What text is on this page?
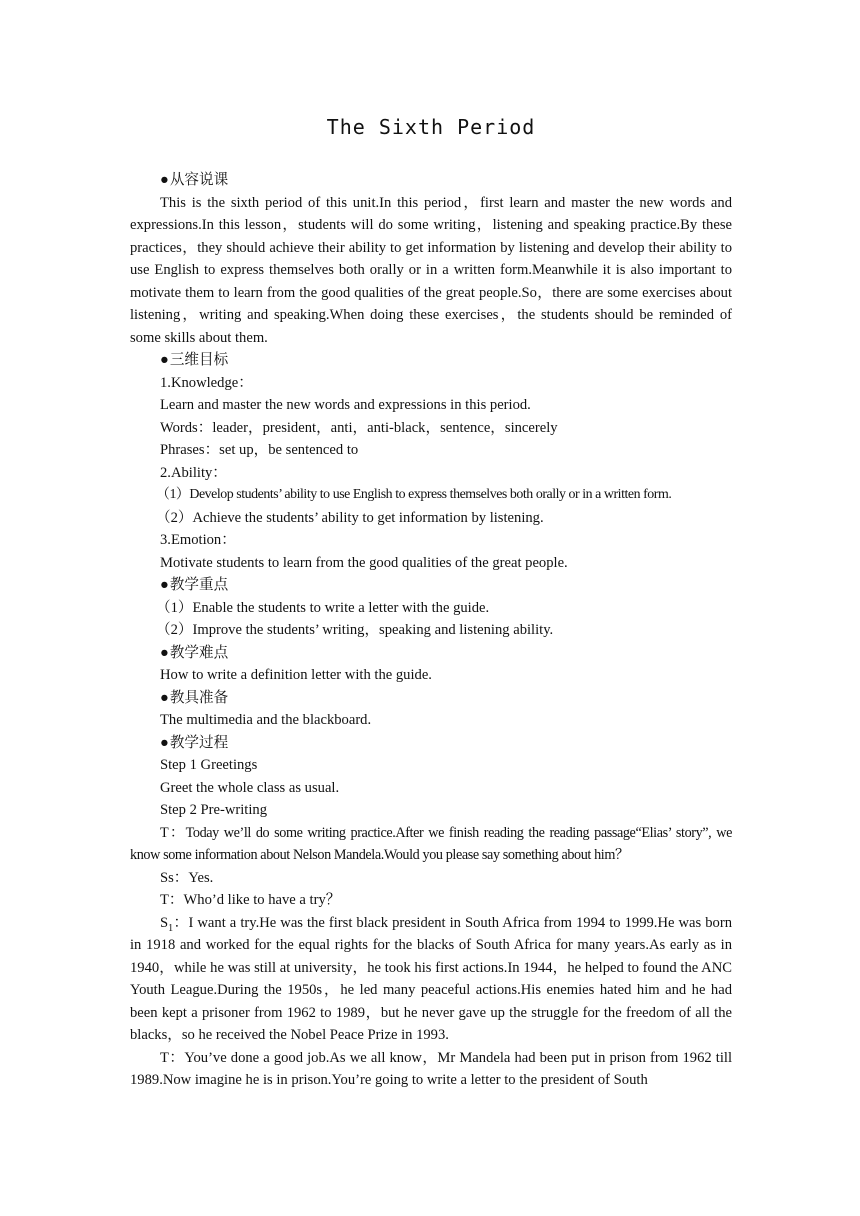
The Sixth Period

● 从容说课

This is the sixth period of this unit.In this period，first learn and master the new words and expressions.In this lesson，students will do some writing，listening and speaking practice.By these practices，they should achieve their ability to get information by listening and develop their ability to use English to express themselves both orally or in a written form.Meanwhile it is also important to motivate them to learn from the good qualities of the great people.So，there are some exercises about listening，writing and speaking.When doing these exercises，the students should be reminded of some skills about them.

● 三维目标

1.Knowledge：

Learn and master the new words and expressions in this period.

Words：leader，president，anti，anti-black，sentence，sincerely

Phrases：set up，be sentenced to

2.Ability：

（1）Develop students’ ability to use English to express themselves both orally or in a written form.

（2）Achieve the students’ ability to get information by listening.

3.Emotion：

Motivate students to learn from the good qualities of the great people.

● 教学重点

（1）Enable the students to write a letter with the guide.

（2）Improve the students’ writing，speaking and listening ability.

● 教学难点

How to write a definition letter with the guide.

● 教具准备

The multimedia and the blackboard.

● 教学过程

Step 1 Greetings

Greet the whole class as usual.

Step 2 Pre-writing

T：Today we’ll do some writing practice.After we finish reading the reading passage“Elias’ story”, we know some information about Nelson Mandela.Would you please say something about him？

Ss：Yes.

T：Who’d like to have a try？

$S_1$：I want a try.He was the first black president in South Africa from 1994 to 1999.He was born in 1918 and worked for the equal rights for the blacks of South Africa for many years.As early as in 1940，while he was still at university，he took his first actions.In 1944，he helped to found the ANC Youth League.During the 1950s，he led many peaceful actions.His enemies hated him and he had been kept a prisoner from 1962 to 1989，but he never gave up the struggle for the freedom of all the blacks，so he received the Nobel Peace Prize in 1993.

T：You’ve done a good job.As we all know，Mr Mandela had been put in prison from 1962 till 1989.Now imagine he is in prison.You’re going to write a letter to the president of South
